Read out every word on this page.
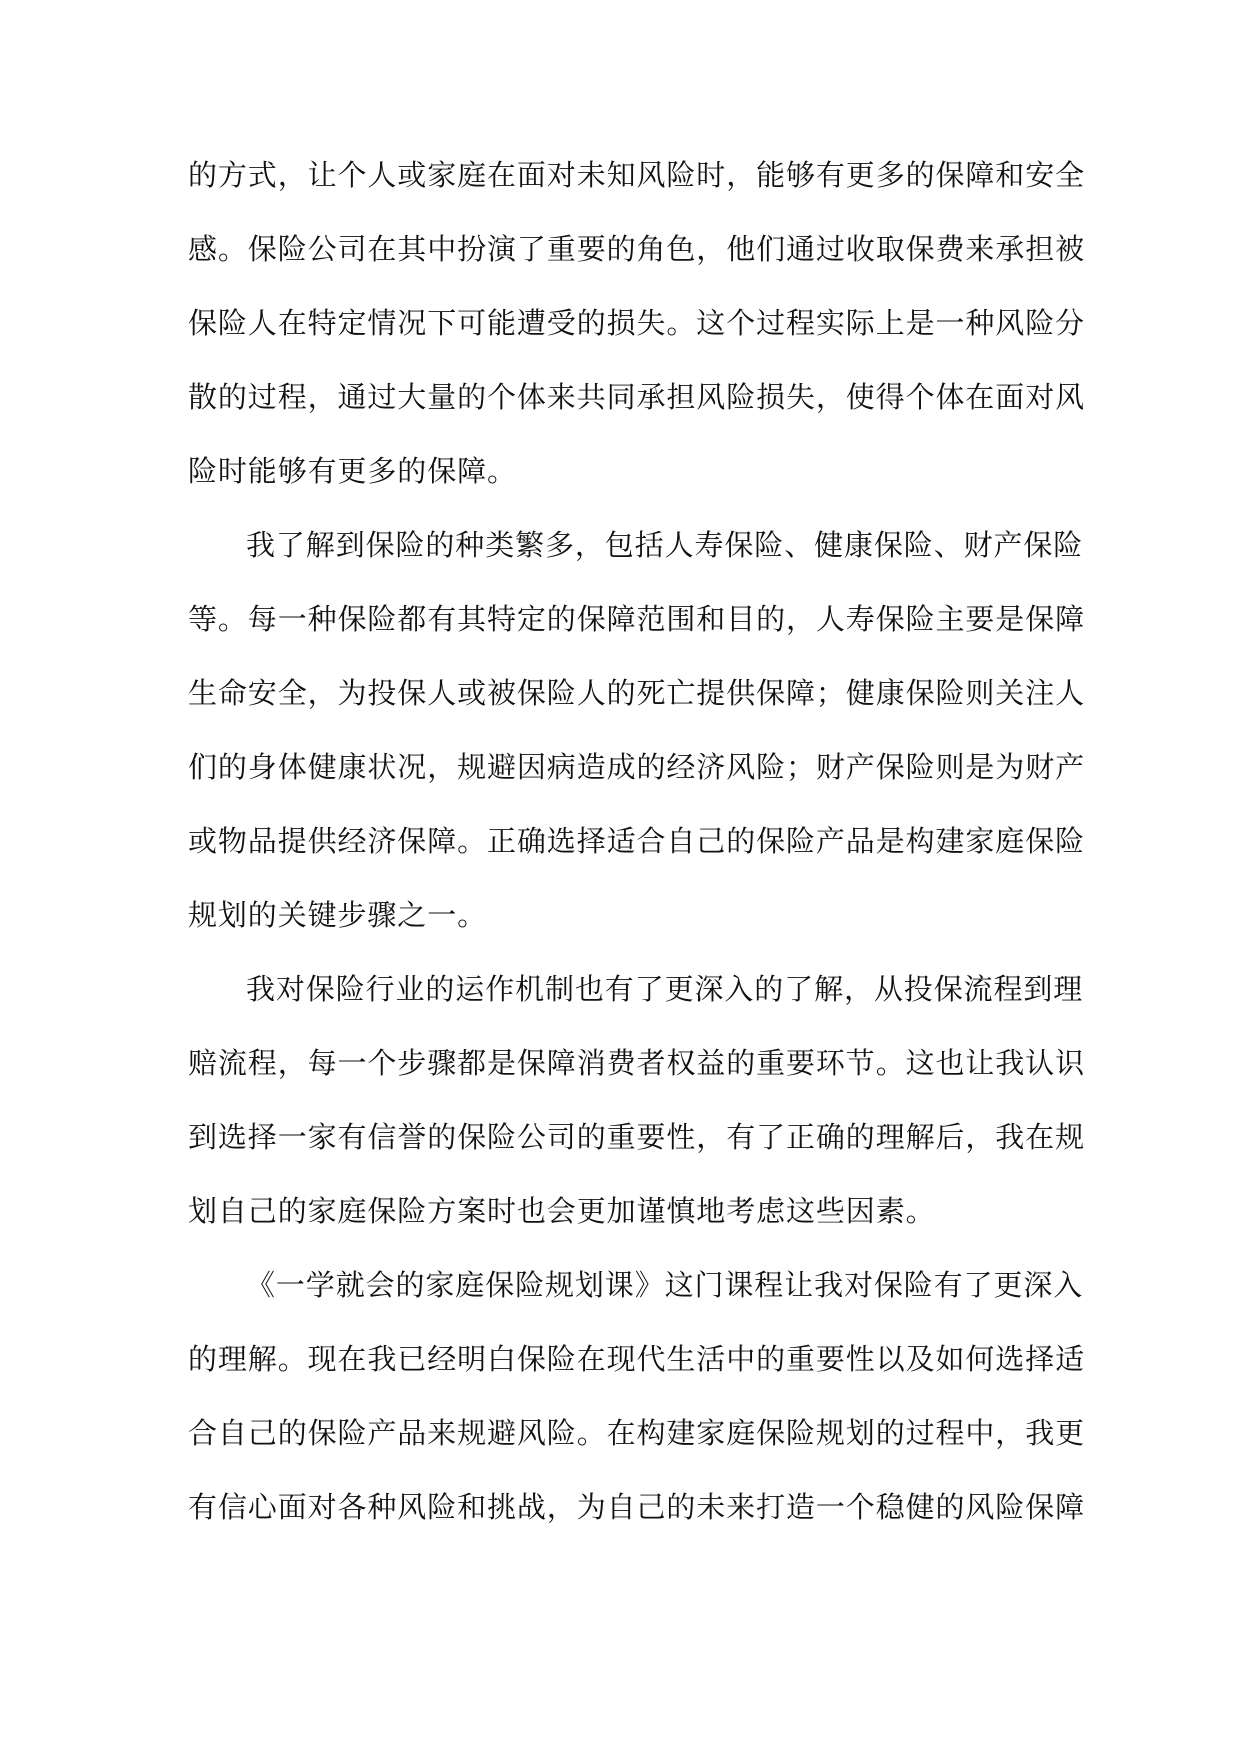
的方式，让个人或家庭在面对未知风险时，能够有更多的保障和安全
感。保险公司在其中扮演了重要的角色，他们通过收取保费来承担被
保险人在特定情况下可能遭受的损失。这个过程实际上是一种风险分
散的过程，通过大量的个体来共同承担风险损失，使得个体在面对风
险时能够有更多的保障。
我了解到保险的种类繁多，包括人寿保险、健康保险、财产保险
等。每一种保险都有其特定的保障范围和目的，人寿保险主要是保障
生命安全，为投保人或被保险人的死亡提供保障；健康保险则关注人
们的身体健康状况，规避因病造成的经济风险；财产保险则是为财产
或物品提供经济保障。正确选择适合自己的保险产品是构建家庭保险
规划的关键步骤之一。
我对保险行业的运作机制也有了更深入的了解，从投保流程到理
赔流程，每一个步骤都是保障消费者权益的重要环节。这也让我认识
到选择一家有信誉的保险公司的重要性，有了正确的理解后，我在规
划自己的家庭保险方案时也会更加谨慎地考虑这些因素。
《一学就会的家庭保险规划课》这门课程让我对保险有了更深入
的理解。现在我已经明白保险在现代生活中的重要性以及如何选择适
合自己的保险产品来规避风险。在构建家庭保险规划的过程中，我更
有信心面对各种风险和挑战，为自己的未来打造一个稳健的风险保障
